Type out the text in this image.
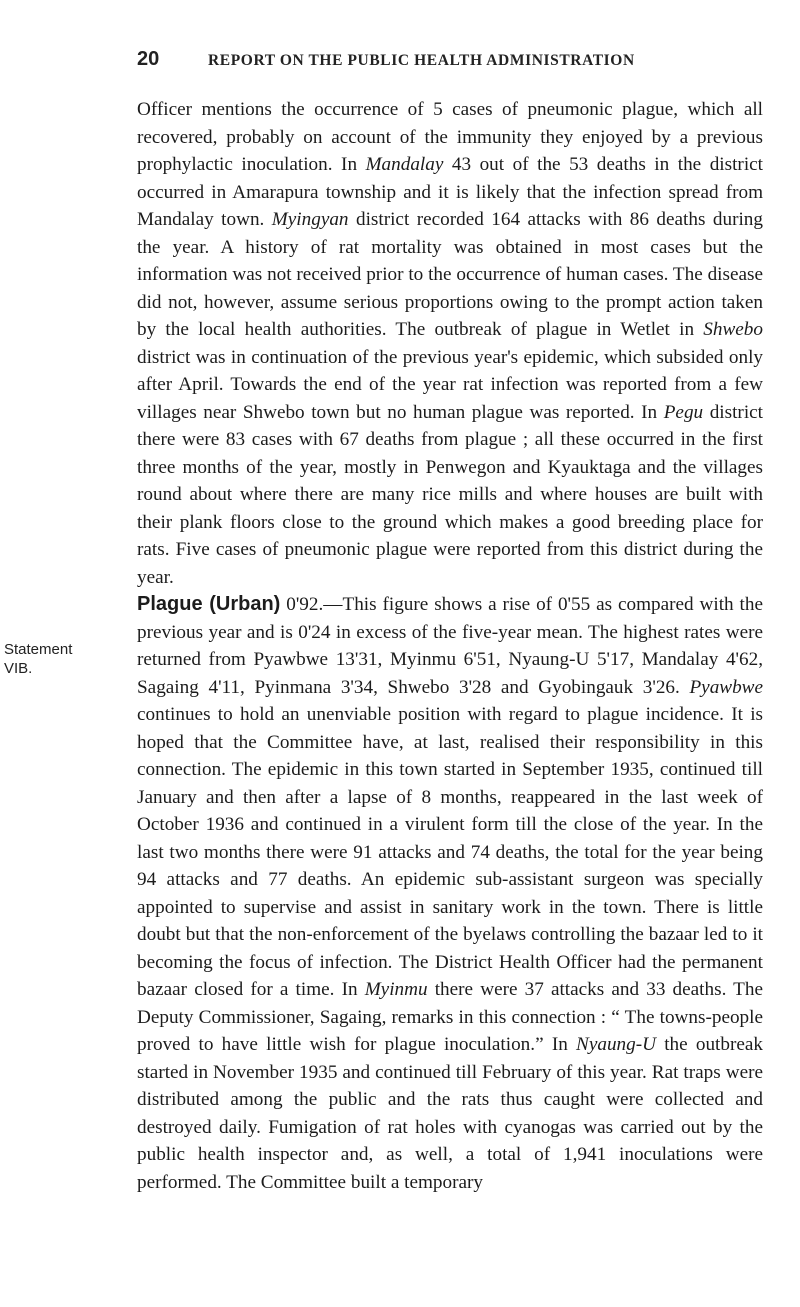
20	REPORT ON THE PUBLIC HEALTH ADMINISTRATION
Statement
VIB.

Officer mentions the occurrence of 5 cases of pneumonic plague, which all recovered, probably on account of the immunity they enjoyed by a previous prophylactic inoculation. In Mandalay 43 out of the 53 deaths in the district occurred in Amarapura township and it is likely that the infection spread from Mandalay town. Myingyan district recorded 164 attacks with 86 deaths during the year. A history of rat mortality was obtained in most cases but the information was not received prior to the occurrence of human cases. The disease did not, however, assume serious proportions owing to the prompt action taken by the local health authorities. The outbreak of plague in Wetlet in Shwebo district was in continuation of the previous year's epidemic, which subsided only after April. Towards the end of the year rat infection was reported from a few villages near Shwebo town but no human plague was reported. In Pegu district there were 83 cases with 67 deaths from plague ; all these occurred in the first three months of the year, mostly in Penwegon and Kyauktaga and the villages round about where there are many rice mills and where houses are built with their plank floors close to the ground which makes a good breeding place for rats. Five cases of pneumonic plague were reported from this district during the year.

Plague (Urban) 0'92.—This figure shows a rise of 0'55 as compared with the previous year and is 0'24 in excess of the five-year mean. The highest rates were returned from Pyawbwe 13'31, Myinmu 6'51, Nyaung-U 5'17, Mandalay 4'62, Sagaing 4'11, Pyinmana 3'34, Shwebo 3'28 and Gyobingauk 3'26. Pyawbwe continues to hold an unenviable position with regard to plague incidence. It is hoped that the Committee have, at last, realised their responsibility in this connection. The epidemic in this town started in September 1935, continued till January and then after a lapse of 8 months, reappeared in the last week of October 1936 and continued in a virulent form till the close of the year. In the last two months there were 91 attacks and 74 deaths, the total for the year being 94 attacks and 77 deaths. An epidemic sub-assistant surgeon was specially appointed to supervise and assist in sanitary work in the town. There is little doubt but that the non-enforcement of the byelaws controlling the bazaar led to it becoming the focus of infection. The District Health Officer had the permanent bazaar closed for a time. In Myinmu there were 37 attacks and 33 deaths. The Deputy Commissioner, Sagaing, remarks in this connection : “ The towns-people proved to have little wish for plague inoculation.” In Nyaung-U the outbreak started in November 1935 and continued till February of this year. Rat traps were distributed among the public and the rats thus caught were collected and destroyed daily. Fumigation of rat holes with cyanogas was carried out by the public health inspector and, as well, a total of 1,941 inoculations were performed. The Committee built a temporary
